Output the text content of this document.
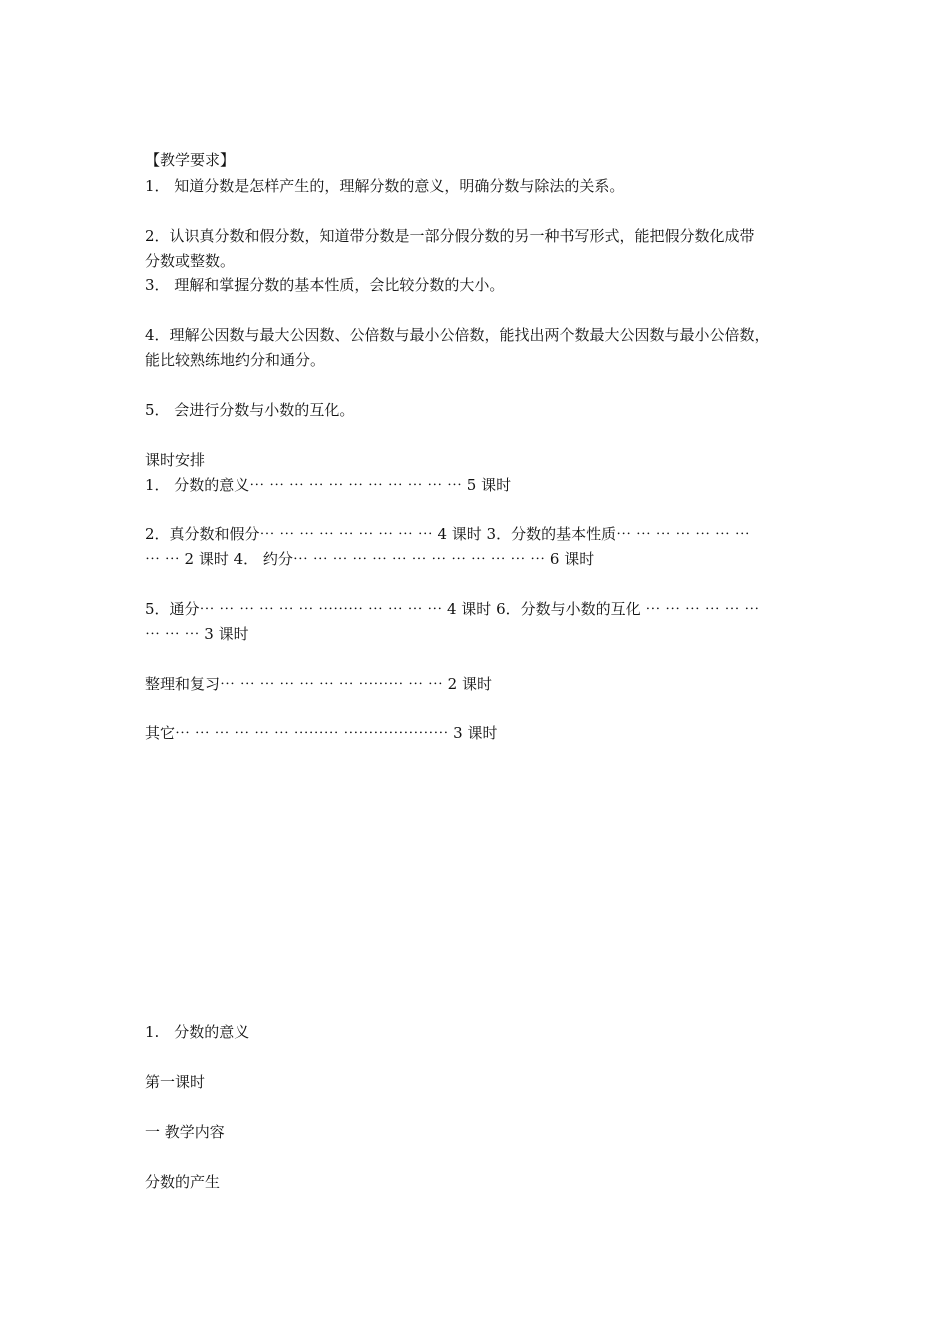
【教学要求】
1． 知道分数是怎样产生的，理解分数的意义，明确分数与除法的关系。
2．认识真分数和假分数，知道带分数是一部分假分数的另一种书写形式，能把假分数化成带
分数或整数。
3． 理解和掌握分数的基本性质，会比较分数的大小。
4．理解公因数与最大公因数、公倍数与最小公倍数，能找出两个数最大公因数与最小公倍数，
能比较熟练地约分和通分。
5． 会进行分数与小数的互化。
课时安排
1． 分数的意义⋯ ⋯ ⋯ ⋯ ⋯ ⋯ ⋯ ⋯ ⋯ ⋯ ⋯ 5 课时
2．真分数和假分⋯ ⋯ ⋯ ⋯ ⋯ ⋯ ⋯ ⋯ ⋯ 4 课时 3．分数的基本性质⋯ ⋯ ⋯ ⋯ ⋯ ⋯ ⋯
⋯ ⋯ 2 课时 4． 约分⋯ ⋯ ⋯ ⋯ ⋯ ⋯ ⋯ ⋯ ⋯ ⋯ ⋯ ⋯ ⋯ 6 课时
5．通分⋯ ⋯ ⋯ ⋯ ⋯ ⋯ ⋯⋯⋯ ⋯ ⋯ ⋯ ⋯ 4 课时 6．分数与小数的互化 ⋯ ⋯ ⋯ ⋯ ⋯ ⋯
⋯ ⋯ ⋯ 3 课时
整理和复习⋯ ⋯ ⋯ ⋯ ⋯ ⋯ ⋯ ⋯⋯⋯ ⋯ ⋯ 2 课时
其它⋯ ⋯ ⋯ ⋯ ⋯ ⋯ ⋯⋯⋯ ⋯⋯⋯⋯⋯⋯⋯ 3 课时
1.　分数的意义
第一课时
一 教学内容
分数的产生
